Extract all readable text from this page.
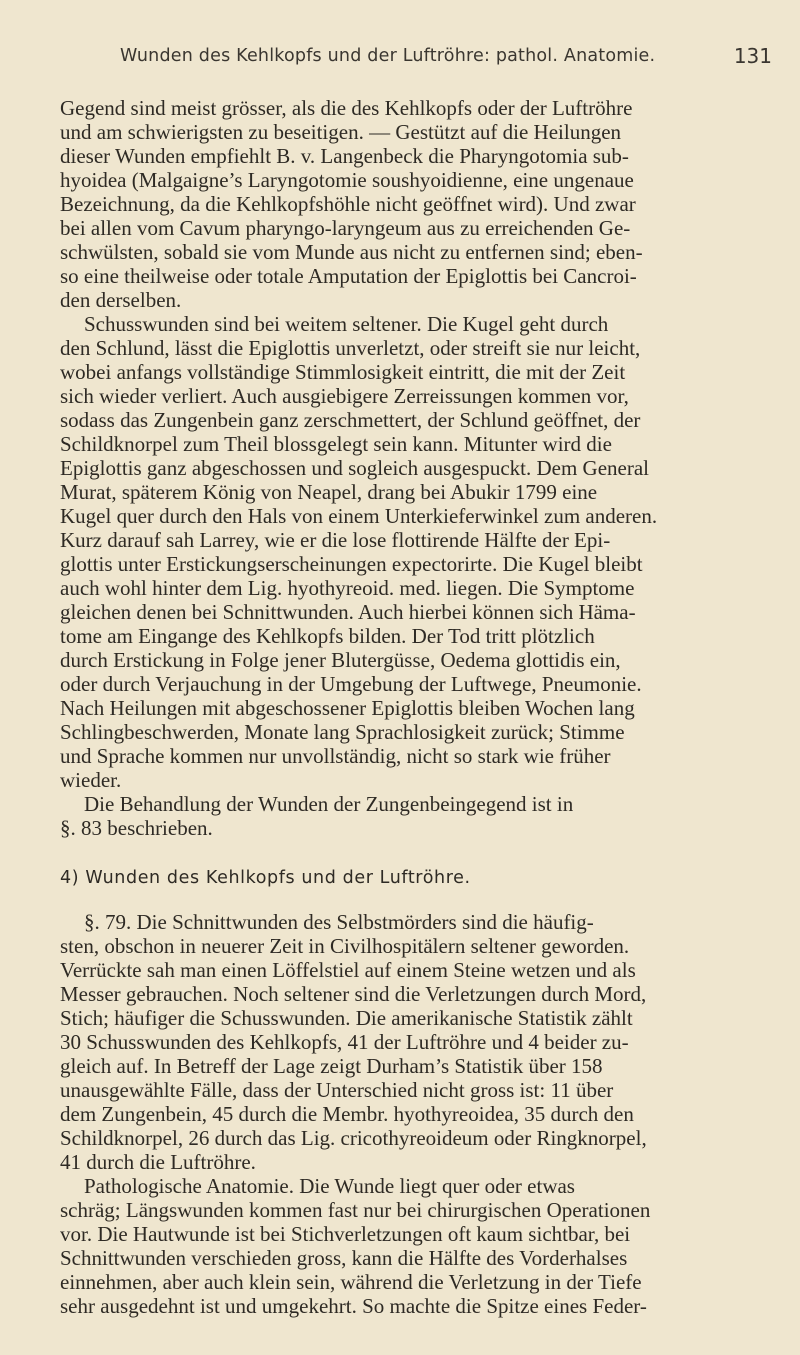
Wunden des Kehlkopfs und der Luftröhre: pathol. Anatomie.	131

Gegend sind meist grösser, als die des Kehlkopfs oder der Luftröhre

und am schwierigsten zu beseitigen. — Gestützt auf die Heilungen

dieser Wunden empfiehlt B. v. Langenbeck die Pharyngotomia sub-

hyoidea (Malgaigne’s Laryngotomie soushyoidienne, eine ungenaue

Bezeichnung, da die Kehlkopfshöhle nicht geöffnet wird). Und zwar

bei allen vom Cavum pharyngo-laryngeum aus zu erreichenden Ge-

schwülsten, sobald sie vom Munde aus nicht zu entfernen sind; eben-

so eine theilweise oder totale Amputation der Epiglottis bei Cancroi-

den derselben.

Schusswunden sind bei weitem seltener. Die Kugel geht durch

den Schlund, lässt die Epiglottis unverletzt, oder streift sie nur leicht,

wobei anfangs vollständige Stimmlosigkeit eintritt, die mit der Zeit

sich wieder verliert. Auch ausgiebigere Zerreissungen kommen vor,

sodass das Zungenbein ganz zerschmettert, der Schlund geöffnet, der

Schildknorpel zum Theil blossgelegt sein kann. Mitunter wird die

Epiglottis ganz abgeschossen und sogleich ausgespuckt. Dem General

Murat, späterem König von Neapel, drang bei Abukir 1799 eine

Kugel quer durch den Hals von einem Unterkieferwinkel zum anderen.

Kurz darauf sah Larrey, wie er die lose flottirende Hälfte der Epi-

glottis unter Erstickungserscheinungen expectorirte. Die Kugel bleibt

auch wohl hinter dem Lig. hyothyreoid. med. liegen. Die Symptome

gleichen denen bei Schnittwunden. Auch hierbei können sich Häma-

tome am Eingange des Kehlkopfs bilden. Der Tod tritt plötzlich

durch Erstickung in Folge jener Blutergüsse, Oedema glottidis ein,

oder durch Verjauchung in der Umgebung der Luftwege, Pneumonie.

Nach Heilungen mit abgeschossener Epiglottis bleiben Wochen lang

Schlingbeschwerden, Monate lang Sprachlosigkeit zurück; Stimme

und Sprache kommen nur unvollständig, nicht so stark wie früher

wieder.

Die Behandlung der Wunden der Zungenbeingegend ist in

§. 83 beschrieben.

4) Wunden des Kehlkopfs und der Luftröhre.

§. 79. Die Schnittwunden des Selbstmörders sind die häufig-

sten, obschon in neuerer Zeit in Civilhospitälern seltener geworden.

Verrückte sah man einen Löffelstiel auf einem Steine wetzen und als

Messer gebrauchen. Noch seltener sind die Verletzungen durch Mord,

Stich; häufiger die Schusswunden. Die amerikanische Statistik zählt

30 Schusswunden des Kehlkopfs, 41 der Luftröhre und 4 beider zu-

gleich auf. In Betreff der Lage zeigt Durham’s Statistik über 158

unausgewählte Fälle, dass der Unterschied nicht gross ist: 11 über

dem Zungenbein, 45 durch die Membr. hyothyreoidea, 35 durch den

Schildknorpel, 26 durch das Lig. cricothyreoideum oder Ringknorpel,

41 durch die Luftröhre.

Pathologische Anatomie. Die Wunde liegt quer oder etwas

schräg; Längswunden kommen fast nur bei chirurgischen Operationen

vor. Die Hautwunde ist bei Stichverletzungen oft kaum sichtbar, bei

Schnittwunden verschieden gross, kann die Hälfte des Vorderhalses

einnehmen, aber auch klein sein, während die Verletzung in der Tiefe

sehr ausgedehnt ist und umgekehrt. So machte die Spitze eines Feder-
